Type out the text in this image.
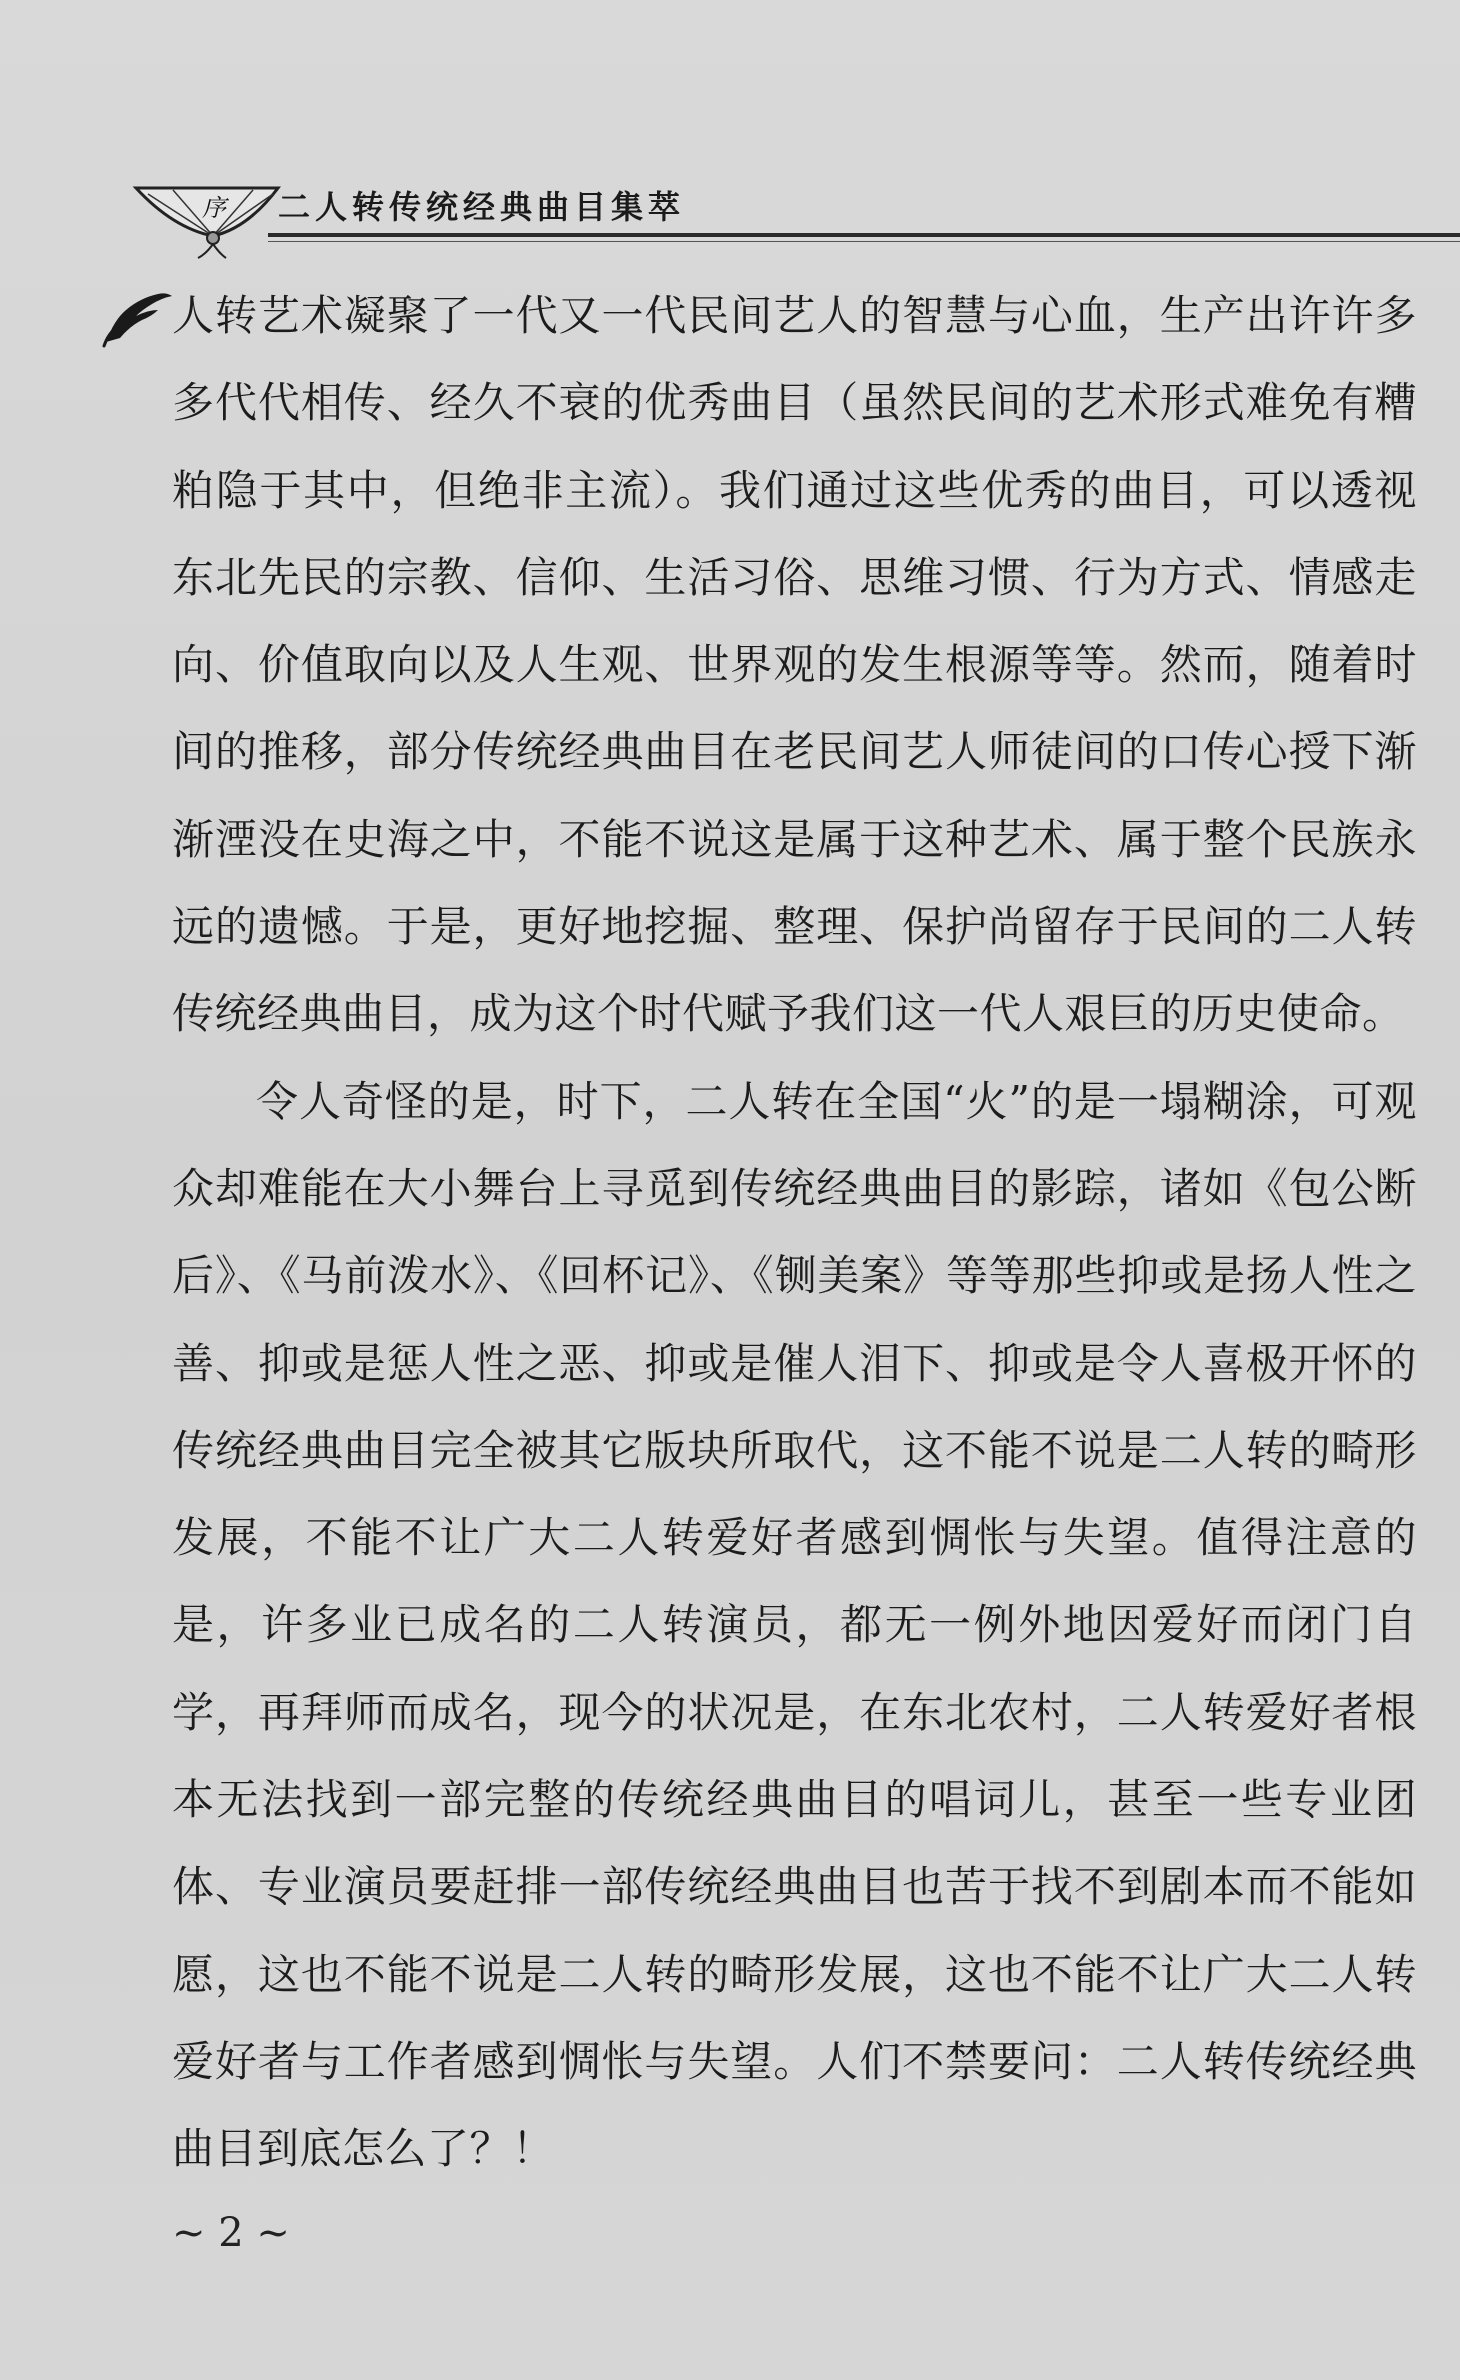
序 二人转传统经典曲目集萃

人转艺术凝聚了一代又一代民间艺人的智慧与心血，生产出许许多多代代相传、经久不衰的优秀曲目（虽然民间的艺术形式难免有糟粕隐于其中，但绝非主流）。我们通过这些优秀的曲目，可以透视东北先民的宗教、信仰、生活习俗、思维习惯、行为方式、情感走向、价值取向以及人生观、世界观的发生根源等等。然而，随着时间的推移，部分传统经典曲目在老民间艺人师徒间的口传心授下渐渐湮没在史海之中，不能不说这是属于这种艺术、属于整个民族永远的遗憾。于是，更好地挖掘、整理、保护尚留存于民间的二人转传统经典曲目，成为这个时代赋予我们这一代人艰巨的历史使命。

令人奇怪的是，时下，二人转在全国“火”的是一塌糊涂，可观众却难能在大小舞台上寻觅到传统经典曲目的影踪，诸如《包公断后》、《马前泼水》、《回杯记》、《铡美案》等等那些抑或是扬人性之善、抑或是惩人性之恶、抑或是催人泪下、抑或是令人喜极开怀的传统经典曲目完全被其它版块所取代，这不能不说是二人转的畸形发展，不能不让广大二人转爱好者感到惆怅与失望。值得注意的是，许多业已成名的二人转演员，都无一例外地因爱好而闭门自学，再拜师而成名，现今的状况是，在东北农村，二人转爱好者根本无法找到一部完整的传统经典曲目的唱词儿，甚至一些专业团体、专业演员要赶排一部传统经典曲目也苦于找不到剧本而不能如愿，这也不能不说是二人转的畸形发展，这也不能不让广大二人转爱好者与工作者感到惆怅与失望。人们不禁要问：二人转传统经典曲目到底怎么了？！

~ 2 ~
